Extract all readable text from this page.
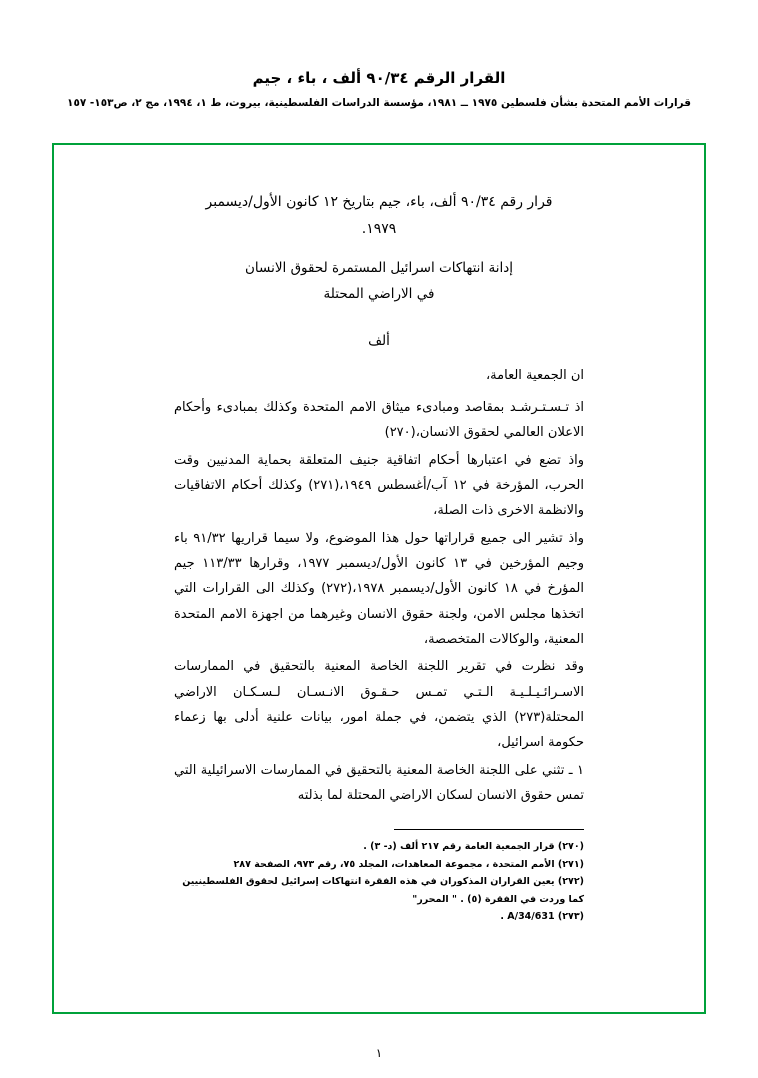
القرار الرقم ٩٠/٣٤ ألف ، باء ، جيم
قرارات الأمم المتحدة بشأن فلسطين ١٩٧٥ ــ ١٩٨١، مؤسسة الدراسات الفلسطينية، بيروت، ط ١، ١٩٩٤، مج ٢، ص١٥٣- ١٥٧
قرار رقم ٩٠/٣٤ ألف، باء، جيم بتاريخ ١٢ كانون الأول/ديسمبر
١٩٧٩.
إدانة انتهاكات اسرائيل المستمرة لحقوق الانسان
في الاراضي المحتلة
ألف

ان الجمعية العامة،

اذ تـسـتـرشـد بمقاصد ومبادىء ميثاق الامم المتحدة وكذلك بمبادىء وأحكام الاعلان العالمي لحقوق الانسان،(٢٧٠)

واذ تضع في اعتبارها أحكام اتفاقية جنيف المتعلقة بحماية المدنيين وقت الحرب، المؤرخة في ١٢ آب/أغسطس ١٩٤٩،(٢٧١) وكذلك أحكام الاتفاقيات والانظمة الاخرى ذات الصلة،

واذ تشير الى جميع قراراتها حول هذا الموضوع، ولا سيما قراريها ٩١/٣٢ باء وجيم المؤرخين في ١٣ كانون الأول/ديسمبر ١٩٧٧، وقرارها ١١٣/٣٣ جيم المؤرخ في ١٨ كانون الأول/ديسمبر ١٩٧٨،(٢٧٢) وكذلك الى القرارات التي اتخذها مجلس الامن، ولجنة حقوق الانسان وغيرهما من اجهزة الامم المتحدة المعنية، والوكالات المتخصصة،

وقد نظرت في تقرير اللجنة الخاصة المعنية بالتحقيق في الممارسات الاسـرائـيـلـيـة الـتـي تمـس حـقـوق الانـسـان لـسـكـان الاراضي المحتلة(٢٧٣) الذي يتضمن، في جملة امور، بيانات علنية أدلى بها زعماء حكومة اسرائيل،

١ ـ تثني على اللجنة الخاصة المعنية بالتحقيق في الممارسات الاسرائيلية التي تمس حقوق الانسان لسكان الاراضي المحتلة لما بذلته

(٢٧٠) قرار الجمعية العامة رقم ٢١٧ ألف (د- ٣) .
(٢٧١) الأمم المتحدة ، مجموعة المعاهدات، المجلد ٧٥، رقم ٩٧٣، الصفحة ٢٨٧
(٢٧٢) يعين القراران المذكوران في هذه الفقرة انتهاكات إسرائيل لحقوق الفلسطينيين كما وردت في الفقرة (٥) . " المحرر"
(٢٧٣) A/34/631 .
١
